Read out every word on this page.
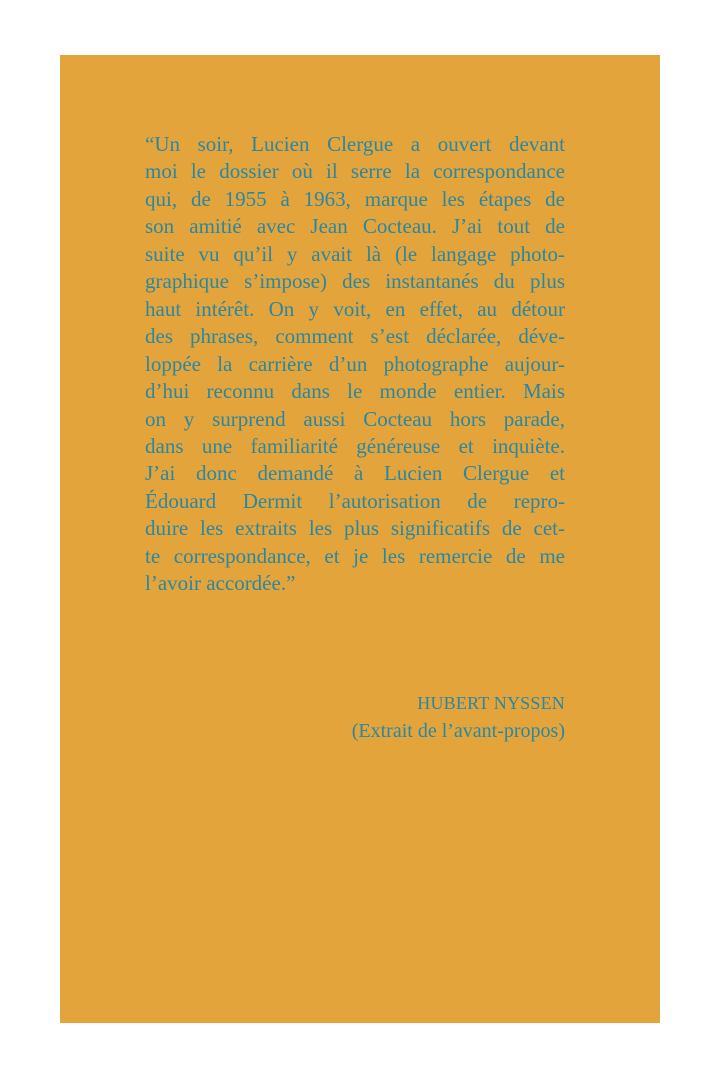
“Un soir, Lucien Clergue a ouvert devant
moi le dossier où il serre la correspondance
qui, de 1955 à 1963, marque les étapes de
son amitié avec Jean Cocteau. J’ai tout de
suite vu qu’il y avait là (le langage photo-
graphique s’impose) des instantanés du plus
haut intérêt. On y voit, en effet, au détour
des phrases, comment s’est déclarée, déve-
loppée la carrière d’un photographe aujour-
d’hui reconnu dans le monde entier. Mais
on y surprend aussi Cocteau hors parade,
dans une familiarité généreuse et inquiète.
J’ai donc demandé à Lucien Clergue et
Édouard Dermit l’autorisation de repro-
duire les extraits les plus significatifs de cet-
te correspondance, et je les remercie de me
l’avoir accordée.”
HUBERT NYSSEN
(Extrait de l’avant-propos)
